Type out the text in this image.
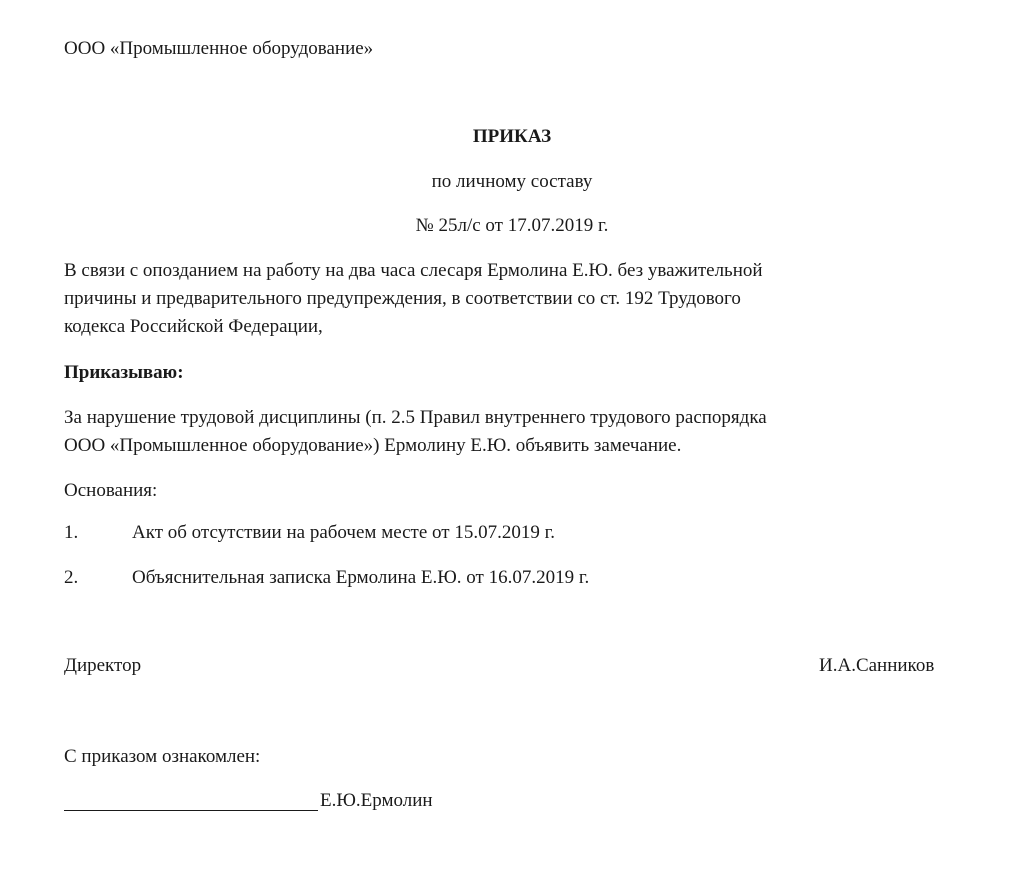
ООО «Промышленное оборудование»
ПРИКАЗ
по личному составу
№ 25л/с от 17.07.2019 г.
В связи с опозданием на работу на два часа слесаря Ермолина Е.Ю. без уважительной
причины и предварительного предупреждения, в соответствии со ст. 192 Трудового
кодекса Российской Федерации,
Приказываю:
За нарушение трудовой дисциплины (п. 2.5 Правил внутреннего трудового распорядка
ООО «Промышленное оборудование») Ермолину Е.Ю. объявить замечание.
Основания:
1.	Акт об отсутствии на рабочем месте от 15.07.2019 г.
2.	Объяснительная записка Ермолина Е.Ю. от 16.07.2019 г.
Директор	И.А.Санников
С приказом ознакомлен:
Е.Ю.Ермолин
